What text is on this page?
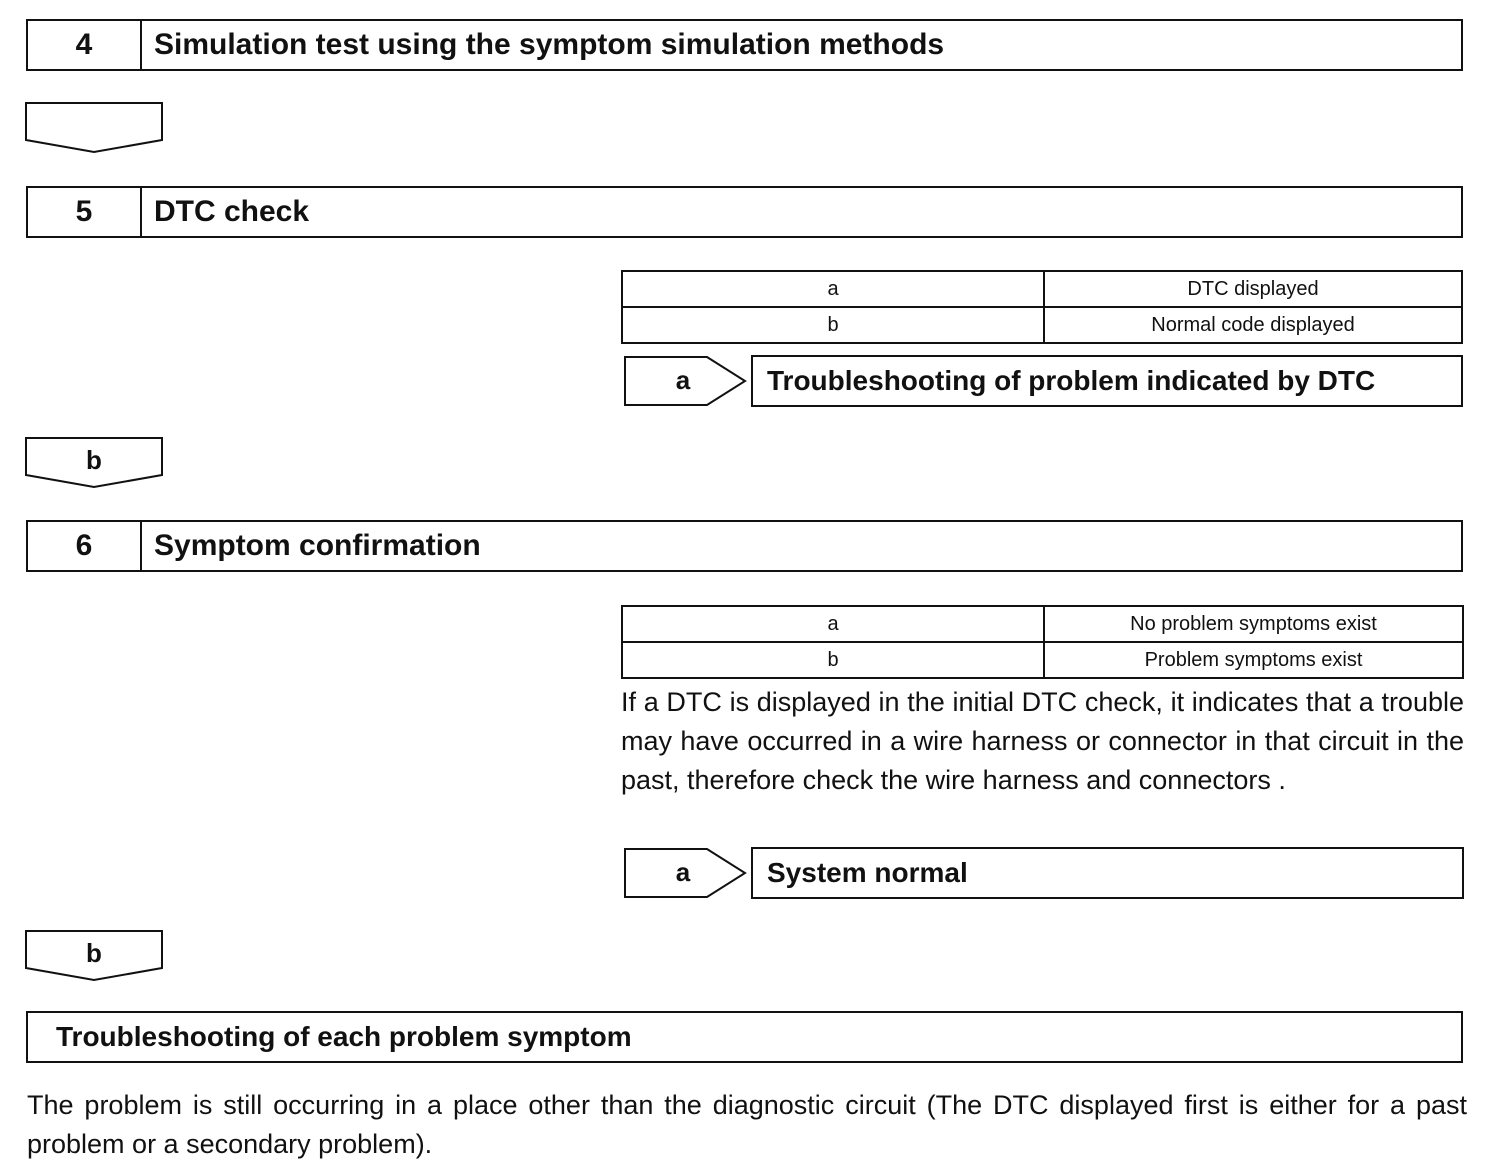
4	Simulation test using the symptom simulation methods
5	DTC check
a	DTC displayed
b	Normal code displayed
a	Troubleshooting of problem indicated by DTC
b
6	Symptom confirmation
a	No problem symptoms exist
b	Problem symptoms exist
If a DTC is displayed in the initial DTC check, it indicates that a trouble may have occurred in a wire harness or connector in that circuit in the past, therefore check the wire harness and connectors .
a	System normal
b
Troubleshooting of each problem symptom
The problem is still occurring in a place other than the diagnostic circuit (The DTC displayed first is either for a past problem or a secondary problem).
